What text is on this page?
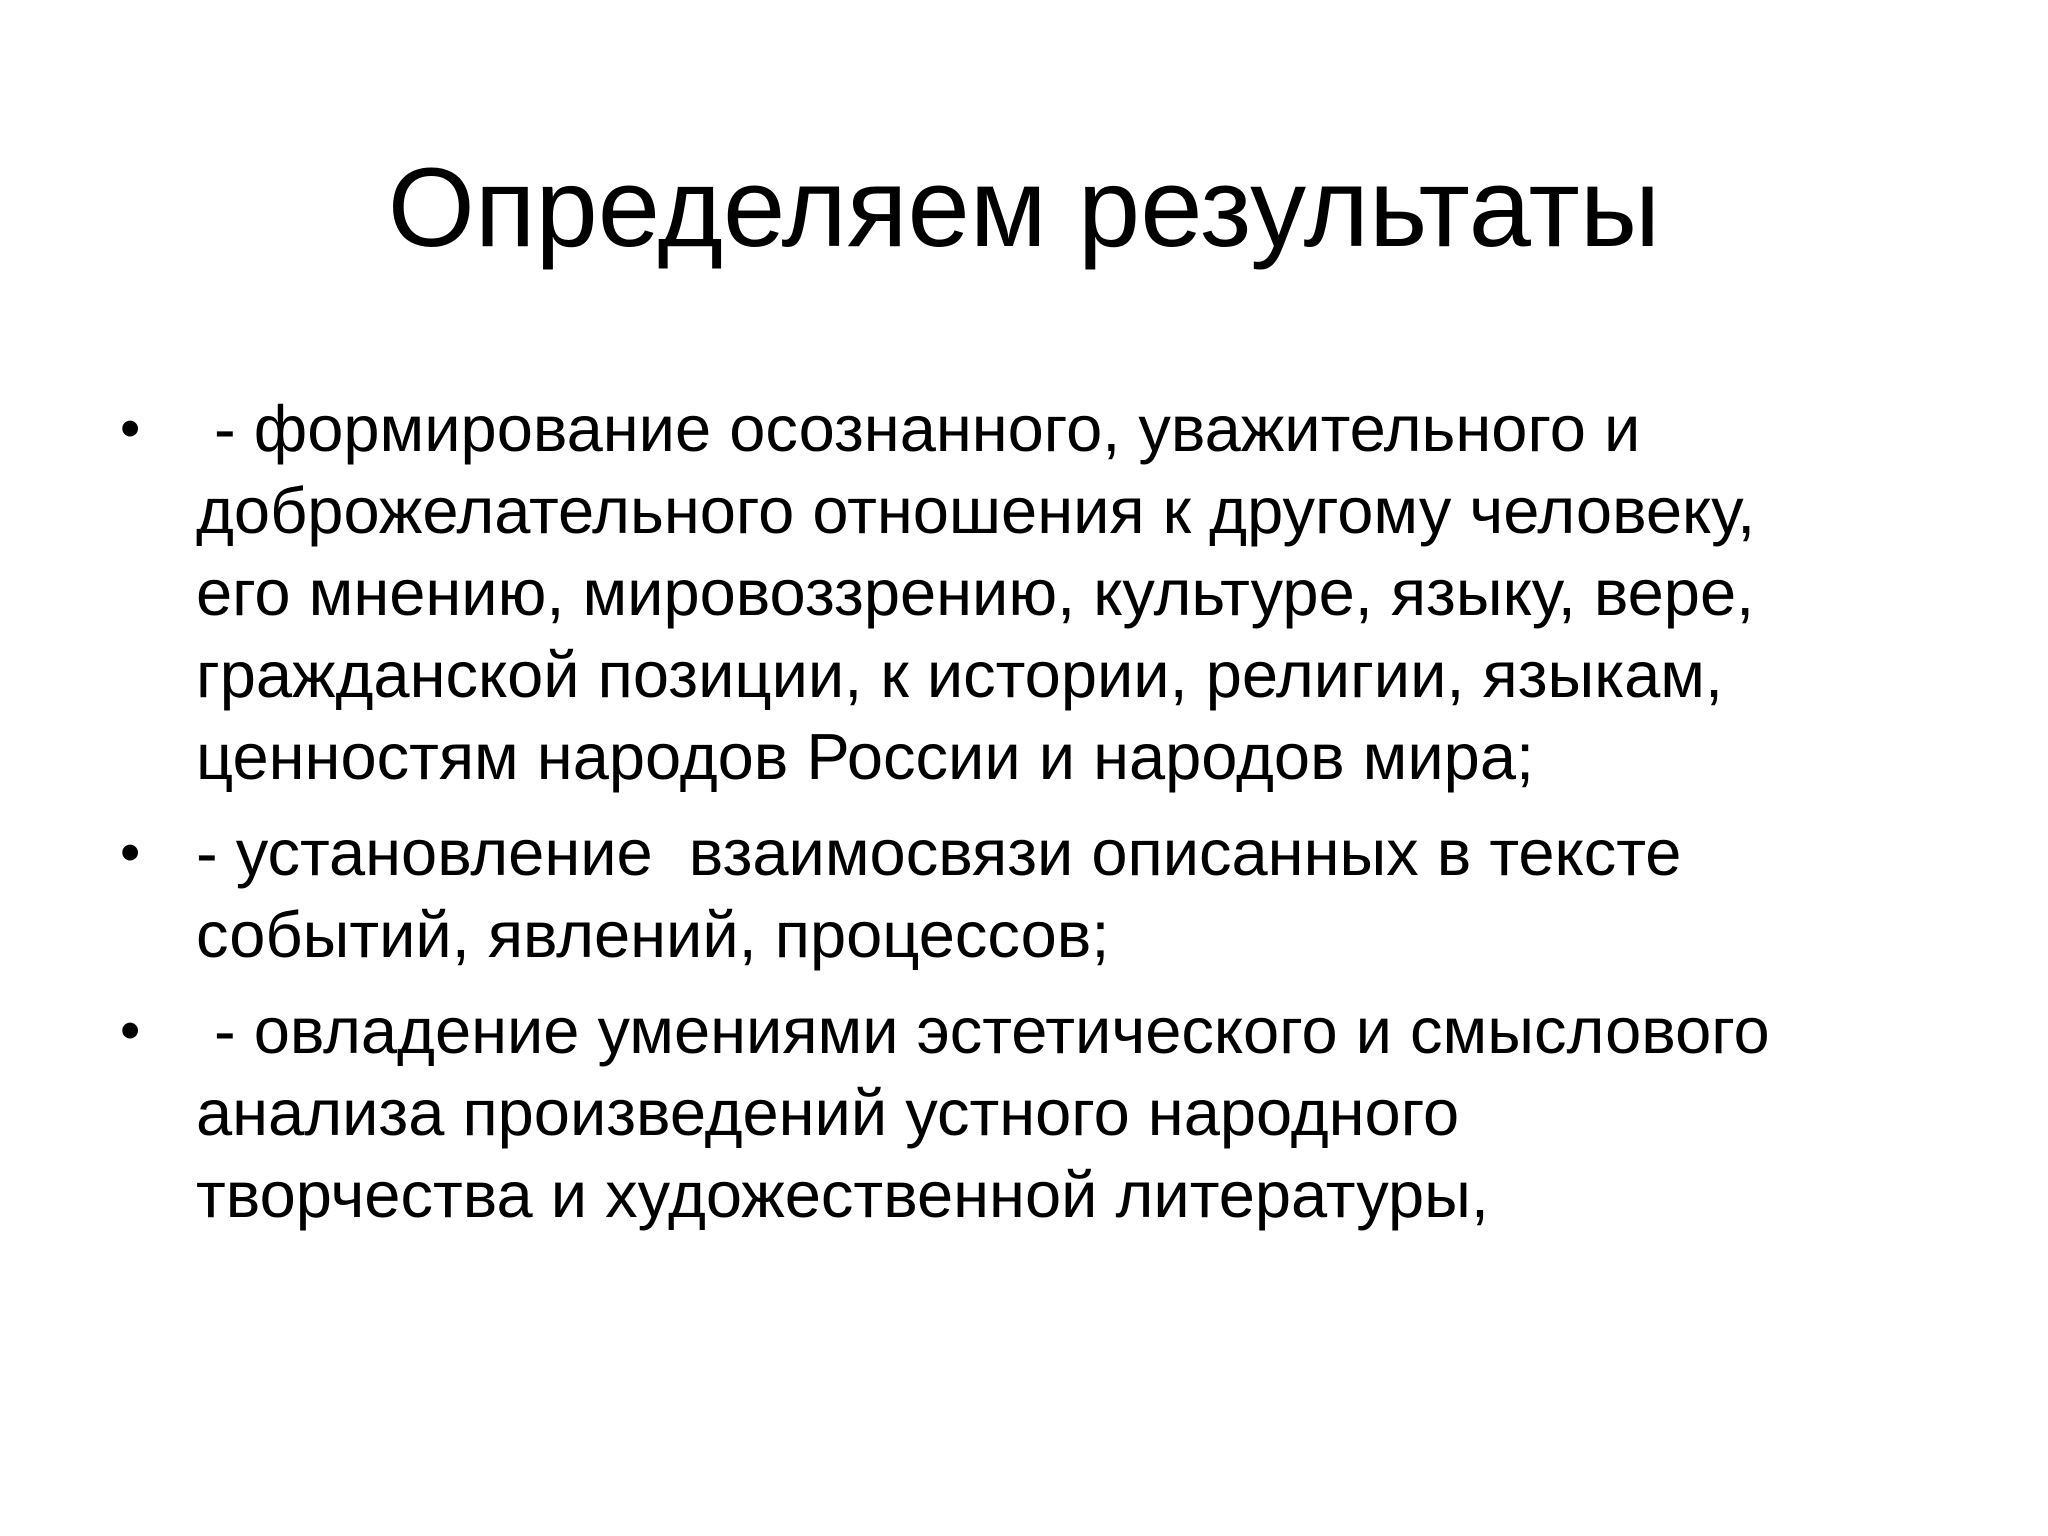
Определяем результаты
• - формирование осознанного, уважительного и
доброжелательного отношения к другому человеку,
его мнению, мировоззрению, культуре, языку, вере,
гражданской позиции, к истории, религии, языкам,
ценностям народов России и народов мира;
• - установление  взаимосвязи описанных в тексте
событий, явлений, процессов;
• - овладение умениями эстетического и смыслового
анализа произведений устного народного
творчества и художественной литературы,
